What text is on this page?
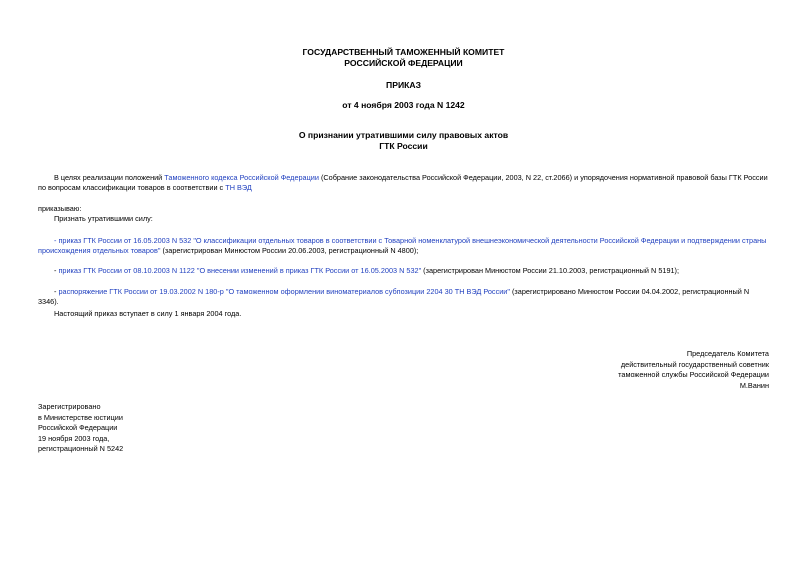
ГОСУДАРСТВЕННЫЙ ТАМОЖЕННЫЙ КОМИТЕТ
РОССИЙСКОЙ ФЕДЕРАЦИИ
ПРИКАЗ
от 4 ноября 2003 года N 1242
О признании утратившими силу правовых актов
ГТК России

В целях реализации положений Таможенного кодекса Российской Федерации (Собрание законодательства Российской Федерации, 2003, N 22, ст.2066) и упорядочения нормативной правовой базы ГТК России по вопросам классификации товаров в соответствии с ТН ВЭД

приказываю:
Признать утратившими силу:
- приказ ГТК России от 16.05.2003 N 532 "О классификации отдельных товаров в соответствии с Товарной номенклатурой внешнеэкономической деятельности Российской Федерации и подтверждении страны происхождения отдельных товаров" (зарегистрирован Минюстом России 20.06.2003, регистрационный N 4800);
- приказ ГТК России от 08.10.2003 N 1122 "О внесении изменений в приказ ГТК России от 16.05.2003 N 532" (зарегистрирован Минюстом России 21.10.2003, регистрационный N 5191);
- распоряжение ГТК России от 19.03.2002 N 180-р "О таможенном оформлении виноматериалов субпозиции 2204 30 ТН ВЭД России" (зарегистрировано Минюстом России 04.04.2002, регистрационный N 3346).
Настоящий приказ вступает в силу 1 января 2004 года.
Председатель Комитета
действительный государственный советник
таможенной службы Российской Федерации
М.Ванин
Зарегистрировано
в Министерстве юстиции
Российской Федерации
19 ноября 2003 года,
регистрационный N 5242
